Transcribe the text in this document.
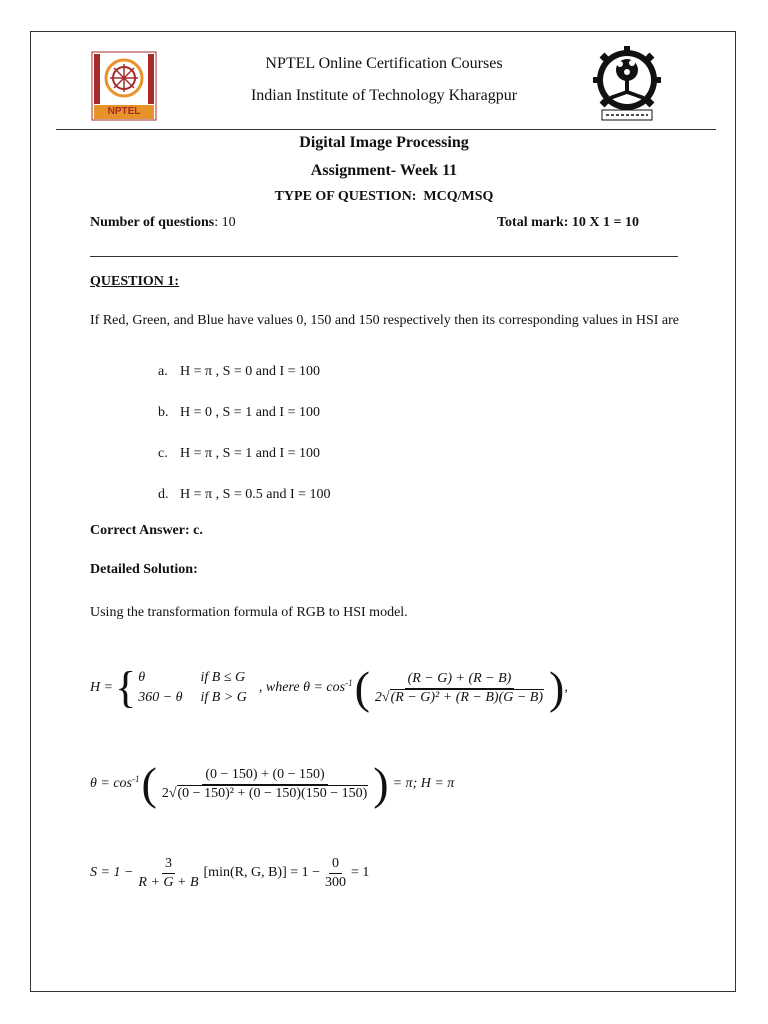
NPTEL
NPTEL Online Certification Courses
Indian Institute of Technology Kharagpur
Digital Image Processing
Assignment- Week 11
TYPE OF QUESTION: MCQ/MSQ
Number of questions: 10	Total mark: 10 X 1 = 10
QUESTION 1:
If Red, Green, and Blue have values 0, 150 and 150 respectively then its corresponding values in HSI are
a. H = π , S = 0 and I = 100
b. H = 0 , S = 1 and I = 100
c. H = π , S = 1 and I = 100
d. H = π , S = 0.5 and I = 100
Correct Answer: c.
Detailed Solution:
Using the transformation formula of RGB to HSI model.
H = { θ	if B ≤ G
360 − θ if B > G
, where $\theta = \cos^{-1}$ ( $\frac{(R - G) + (R - B)}{\text{2√(R − G)² + (R − B)(G − B)}}$ ) ,
$\theta = \cos^{-1}$ ( $\frac{(0 - 150) + (0 - 150)}{\text{2√(0 − 150)² + (0 − 150)(150 − 150)}}$ ) = π; H = π
$S = 1 - \frac{3}{R + G + B} [\min(R$, G, $B)] = 1 - \frac{0}{300} = 1$
